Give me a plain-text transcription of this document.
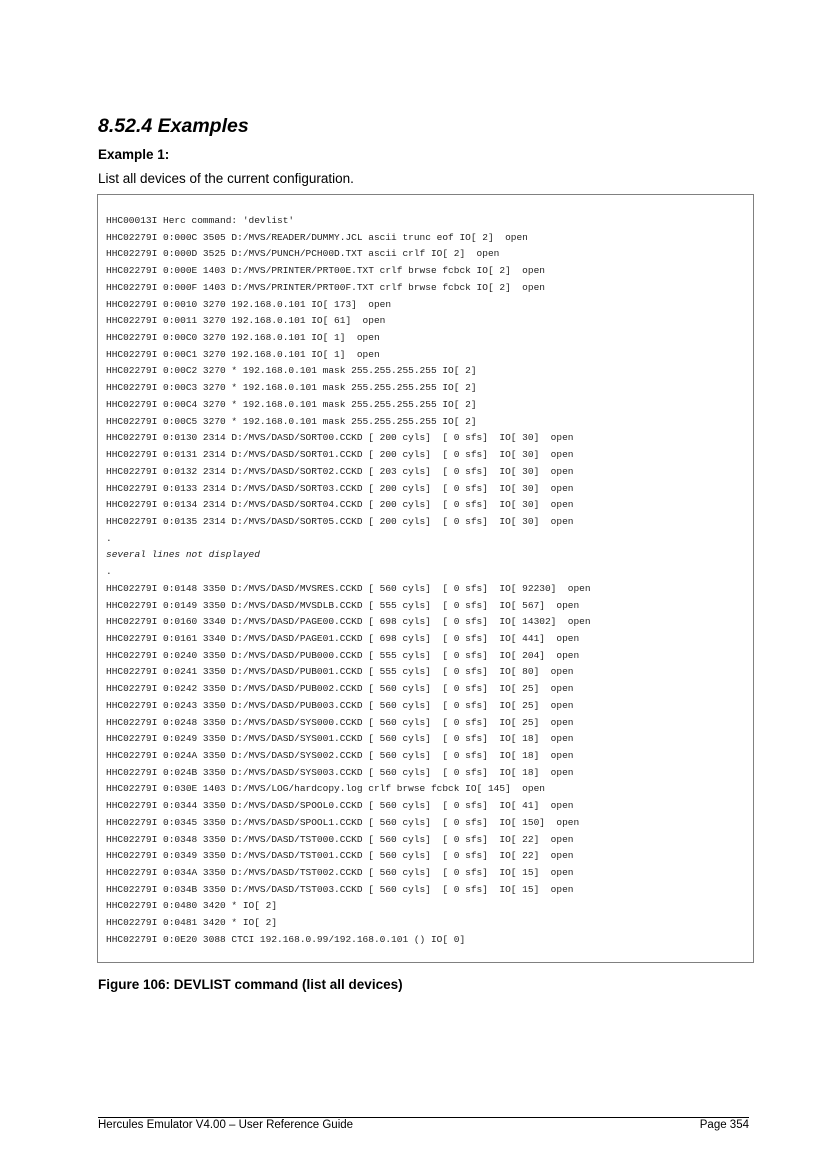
8.52.4 Examples
Example 1:
List all devices of the current configuration.
HHC00013I Herc command: 'devlist'
HHC02279I 0:000C 3505 D:/MVS/READER/DUMMY.JCL ascii trunc eof IO[ 2]  open
HHC02279I 0:000D 3525 D:/MVS/PUNCH/PCH00D.TXT ascii crlf IO[ 2]  open
HHC02279I 0:000E 1403 D:/MVS/PRINTER/PRT00E.TXT crlf brwse fcbck IO[ 2]  open
HHC02279I 0:000F 1403 D:/MVS/PRINTER/PRT00F.TXT crlf brwse fcbck IO[ 2]  open
HHC02279I 0:0010 3270 192.168.0.101 IO[ 173]  open
HHC02279I 0:0011 3270 192.168.0.101 IO[ 61]  open
HHC02279I 0:00C0 3270 192.168.0.101 IO[ 1]  open
HHC02279I 0:00C1 3270 192.168.0.101 IO[ 1]  open
HHC02279I 0:00C2 3270 * 192.168.0.101 mask 255.255.255.255 IO[ 2]
HHC02279I 0:00C3 3270 * 192.168.0.101 mask 255.255.255.255 IO[ 2]
HHC02279I 0:00C4 3270 * 192.168.0.101 mask 255.255.255.255 IO[ 2]
HHC02279I 0:00C5 3270 * 192.168.0.101 mask 255.255.255.255 IO[ 2]
HHC02279I 0:0130 2314 D:/MVS/DASD/SORT00.CCKD [ 200 cyls]  [ 0 sfs]  IO[ 30]  open
HHC02279I 0:0131 2314 D:/MVS/DASD/SORT01.CCKD [ 200 cyls]  [ 0 sfs]  IO[ 30]  open
HHC02279I 0:0132 2314 D:/MVS/DASD/SORT02.CCKD [ 203 cyls]  [ 0 sfs]  IO[ 30]  open
HHC02279I 0:0133 2314 D:/MVS/DASD/SORT03.CCKD [ 200 cyls]  [ 0 sfs]  IO[ 30]  open
HHC02279I 0:0134 2314 D:/MVS/DASD/SORT04.CCKD [ 200 cyls]  [ 0 sfs]  IO[ 30]  open
HHC02279I 0:0135 2314 D:/MVS/DASD/SORT05.CCKD [ 200 cyls]  [ 0 sfs]  IO[ 30]  open
.
several lines not displayed
.
HHC02279I 0:0148 3350 D:/MVS/DASD/MVSRES.CCKD [ 560 cyls]  [ 0 sfs]  IO[ 92230]  open
HHC02279I 0:0149 3350 D:/MVS/DASD/MVSDLB.CCKD [ 555 cyls]  [ 0 sfs]  IO[ 567]  open
HHC02279I 0:0160 3340 D:/MVS/DASD/PAGE00.CCKD [ 698 cyls]  [ 0 sfs]  IO[ 14302]  open
HHC02279I 0:0161 3340 D:/MVS/DASD/PAGE01.CCKD [ 698 cyls]  [ 0 sfs]  IO[ 441]  open
HHC02279I 0:0240 3350 D:/MVS/DASD/PUB000.CCKD [ 555 cyls]  [ 0 sfs]  IO[ 204]  open
HHC02279I 0:0241 3350 D:/MVS/DASD/PUB001.CCKD [ 555 cyls]  [ 0 sfs]  IO[ 80]  open
HHC02279I 0:0242 3350 D:/MVS/DASD/PUB002.CCKD [ 560 cyls]  [ 0 sfs]  IO[ 25]  open
HHC02279I 0:0243 3350 D:/MVS/DASD/PUB003.CCKD [ 560 cyls]  [ 0 sfs]  IO[ 25]  open
HHC02279I 0:0248 3350 D:/MVS/DASD/SYS000.CCKD [ 560 cyls]  [ 0 sfs]  IO[ 25]  open
HHC02279I 0:0249 3350 D:/MVS/DASD/SYS001.CCKD [ 560 cyls]  [ 0 sfs]  IO[ 18]  open
HHC02279I 0:024A 3350 D:/MVS/DASD/SYS002.CCKD [ 560 cyls]  [ 0 sfs]  IO[ 18]  open
HHC02279I 0:024B 3350 D:/MVS/DASD/SYS003.CCKD [ 560 cyls]  [ 0 sfs]  IO[ 18]  open
HHC02279I 0:030E 1403 D:/MVS/LOG/hardcopy.log crlf brwse fcbck IO[ 145]  open
HHC02279I 0:0344 3350 D:/MVS/DASD/SPOOL0.CCKD [ 560 cyls]  [ 0 sfs]  IO[ 41]  open
HHC02279I 0:0345 3350 D:/MVS/DASD/SPOOL1.CCKD [ 560 cyls]  [ 0 sfs]  IO[ 150]  open
HHC02279I 0:0348 3350 D:/MVS/DASD/TST000.CCKD [ 560 cyls]  [ 0 sfs]  IO[ 22]  open
HHC02279I 0:0349 3350 D:/MVS/DASD/TST001.CCKD [ 560 cyls]  [ 0 sfs]  IO[ 22]  open
HHC02279I 0:034A 3350 D:/MVS/DASD/TST002.CCKD [ 560 cyls]  [ 0 sfs]  IO[ 15]  open
HHC02279I 0:034B 3350 D:/MVS/DASD/TST003.CCKD [ 560 cyls]  [ 0 sfs]  IO[ 15]  open
HHC02279I 0:0480 3420 * IO[ 2]
HHC02279I 0:0481 3420 * IO[ 2]
HHC02279I 0:0E20 3088 CTCI 192.168.0.99/192.168.0.101 () IO[ 0]
Figure 106: DEVLIST command (list all devices)
Hercules Emulator V4.00 – User Reference Guide	Page 354
